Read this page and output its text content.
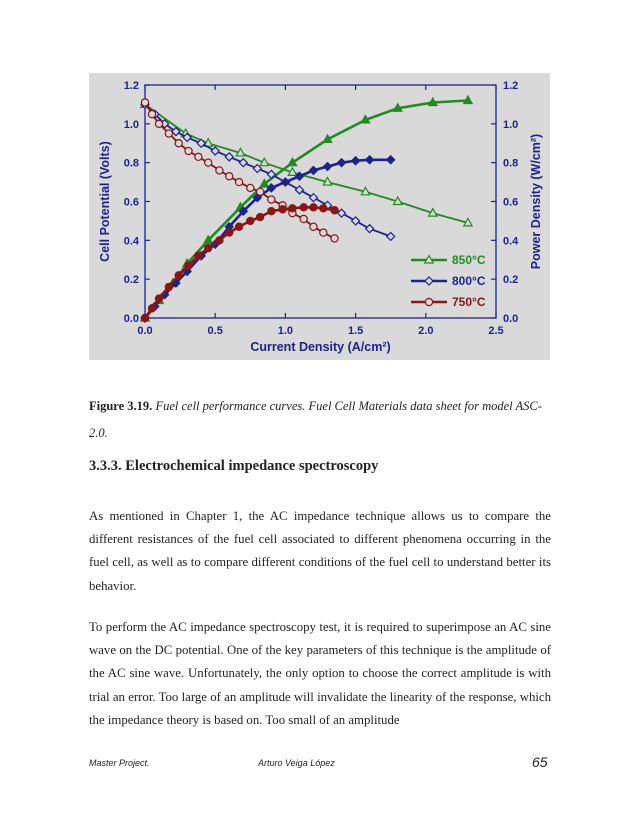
0.0	0.5	1.0	1.5	2.0	2.5
0.0	0.0
0.2	0.2
0.4	0.4
0.6	0.6
0.8	0.8
1.0	1.0
1.2	1.2
Current Density (A/cm²)
Cell Potential (Volts)	Power Density (W/cm²)
850°C
800°C
750°C
Figure 3.19. Fuel cell performance curves. Fuel Cell Materials data sheet for model ASC-2.0.
3.3.3. Electrochemical impedance spectroscopy
As mentioned in Chapter 1, the AC impedance technique allows us to compare the different resistances of the fuel cell associated to different phenomena occurring in the fuel cell, as well as to compare different conditions of the fuel cell to understand better its behavior.
To perform the AC impedance spectroscopy test, it is required to superimpose an AC sine wave on the DC potential. One of the key parameters of this technique is the amplitude of the AC sine wave. Unfortunately, the only option to choose the correct amplitude is with trial an error. Too large of an amplitude will invalidate the linearity of the response, which the impedance theory is based on. Too small of an amplitude
Master Project.	Arturo Veiga López	65
